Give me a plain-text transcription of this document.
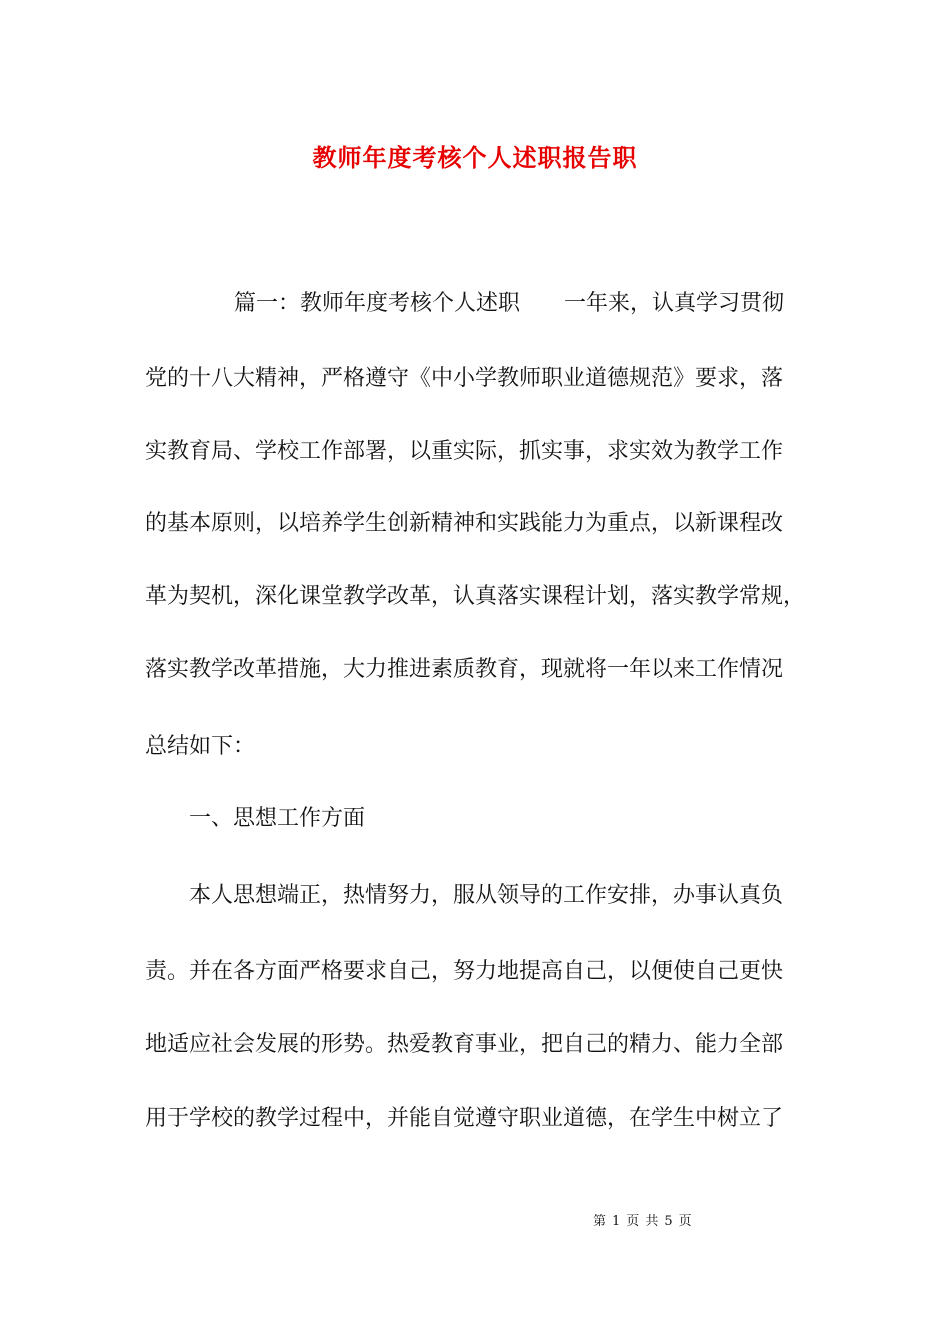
教师年度考核个人述职报告职
篇一：教师年度考核个人述职　　一年来，认真学习贯彻
党的十八大精神，严格遵守《中小学教师职业道德规范》要求，落
实教育局、学校工作部署，以重实际，抓实事，求实效为教学工作
的基本原则，以培养学生创新精神和实践能力为重点，以新课程改
革为契机，深化课堂教学改革，认真落实课程计划，落实教学常规，
落实教学改革措施，大力推进素质教育，现就将一年以来工作情况
总结如下：
一、思想工作方面
本人思想端正，热情努力，服从领导的工作安排，办事认真负
责。并在各方面严格要求自己，努力地提高自己，以便使自己更快
地适应社会发展的形势。热爱教育事业，把自己的精力、能力全部
用于学校的教学过程中，并能自觉遵守职业道德，在学生中树立了
第 1 页 共 5 页
